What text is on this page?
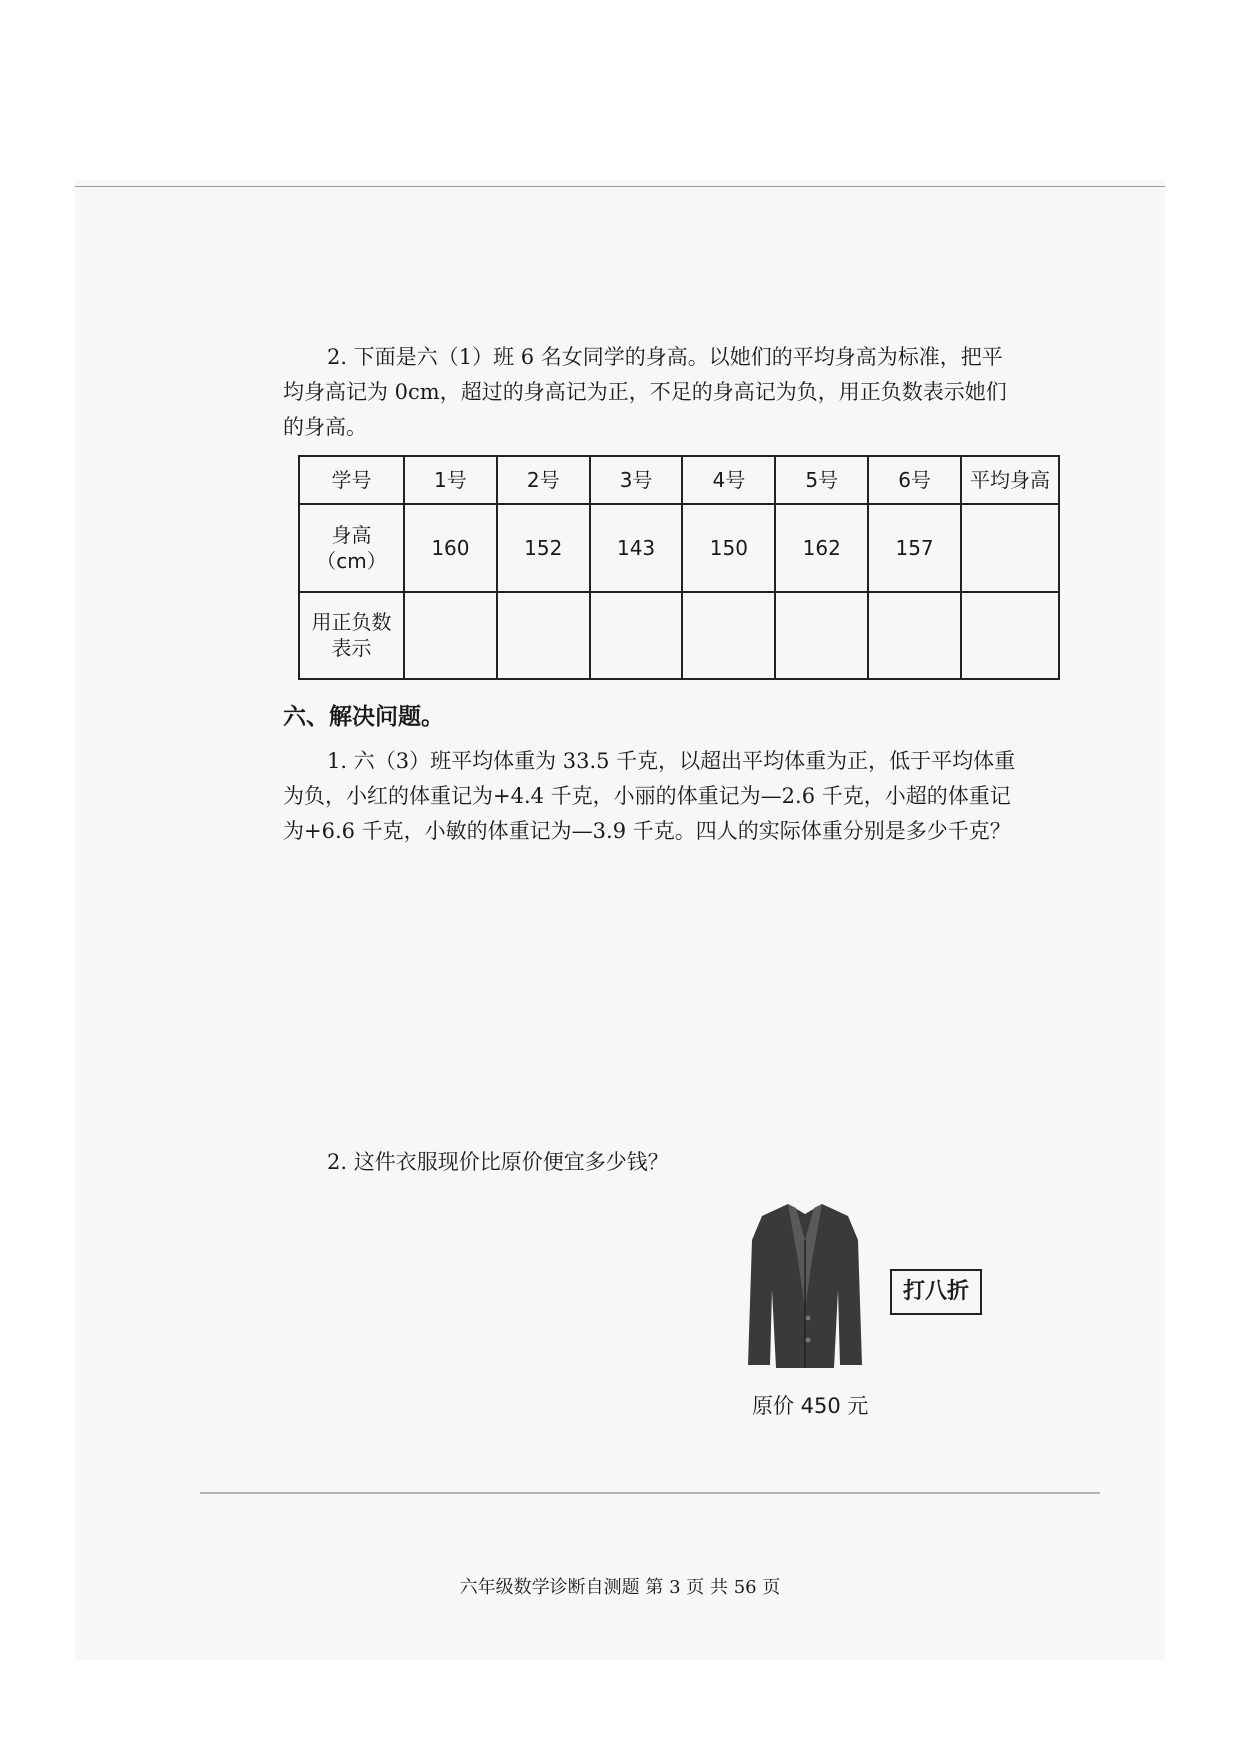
2. 下面是六（1）班 6 名女同学的身高。以她们的平均身高为标准，把平
均身高记为 0cm，超过的身高记为正，不足的身高记为负，用正负数表示她们
的身高。
学号	1号	2号	3号	4号	5号	6号	平均身高
身高（cm）	160	152	143	150	162	157	
用正负数表示							
六、解决问题。
1. 六（3）班平均体重为 33.5 千克，以超出平均体重为正，低于平均体重
为负，小红的体重记为+4.4 千克，小丽的体重记为—2.6 千克，小超的体重记
为+6.6 千克，小敏的体重记为—3.9 千克。四人的实际体重分别是多少千克？
2. 这件衣服现价比原价便宜多少钱？
打八折
原价 450 元
六年级数学诊断自测题 第 3 页 共 56 页
